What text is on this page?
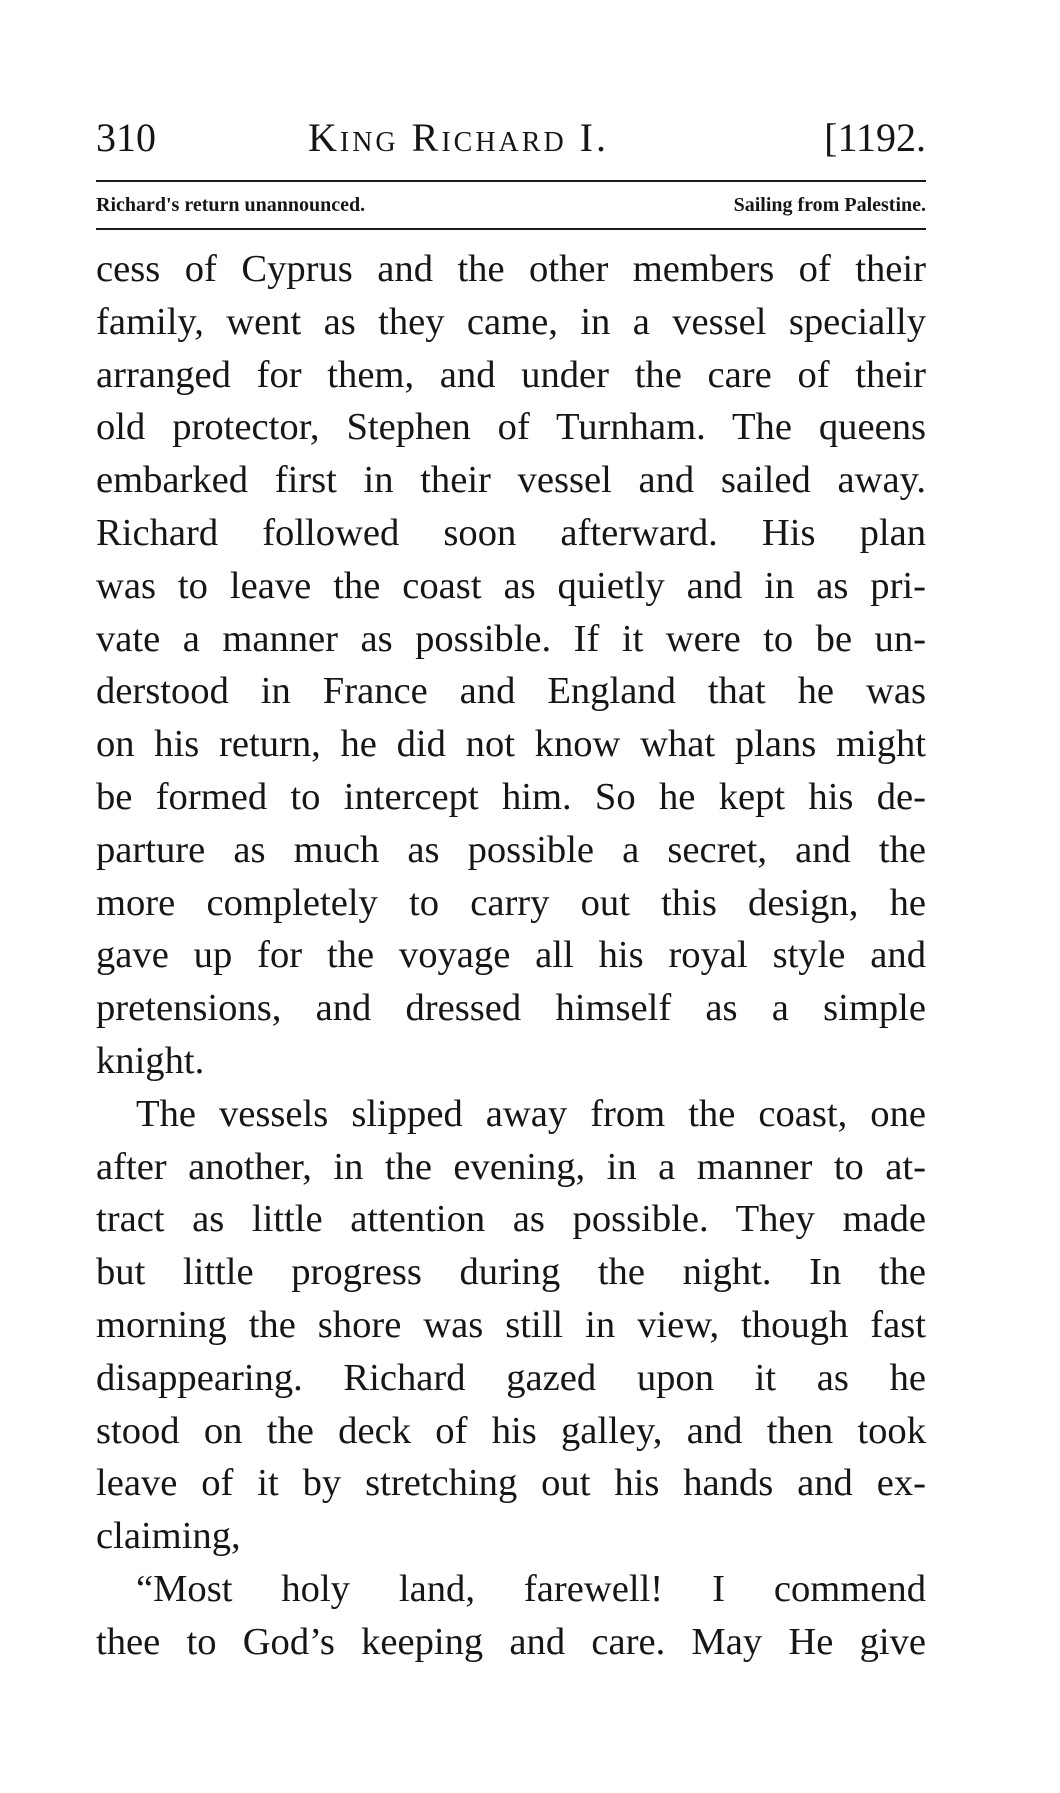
310	King Richard I.	[1192.
Richard's return unannounced.	Sailing from Palestine.
cess of Cyprus and the other members of their
family, went as they came, in a vessel specially
arranged for them, and under the care of their
old protector, Stephen of Turnham. The queens
embarked first in their vessel and sailed away.
Richard followed soon afterward. His plan
was to leave the coast as quietly and in as pri-
vate a manner as possible. If it were to be un-
derstood in France and England that he was
on his return, he did not know what plans might
be formed to intercept him. So he kept his de-
parture as much as possible a secret, and the
more completely to carry out this design, he
gave up for the voyage all his royal style and
pretensions, and dressed himself as a simple
knight.
The vessels slipped away from the coast, one
after another, in the evening, in a manner to at-
tract as little attention as possible. They made
but little progress during the night. In the
morning the shore was still in view, though fast
disappearing. Richard gazed upon it as he
stood on the deck of his galley, and then took
leave of it by stretching out his hands and ex-
claiming,
“Most holy land, farewell! I commend
thee to God’s keeping and care. May He give
